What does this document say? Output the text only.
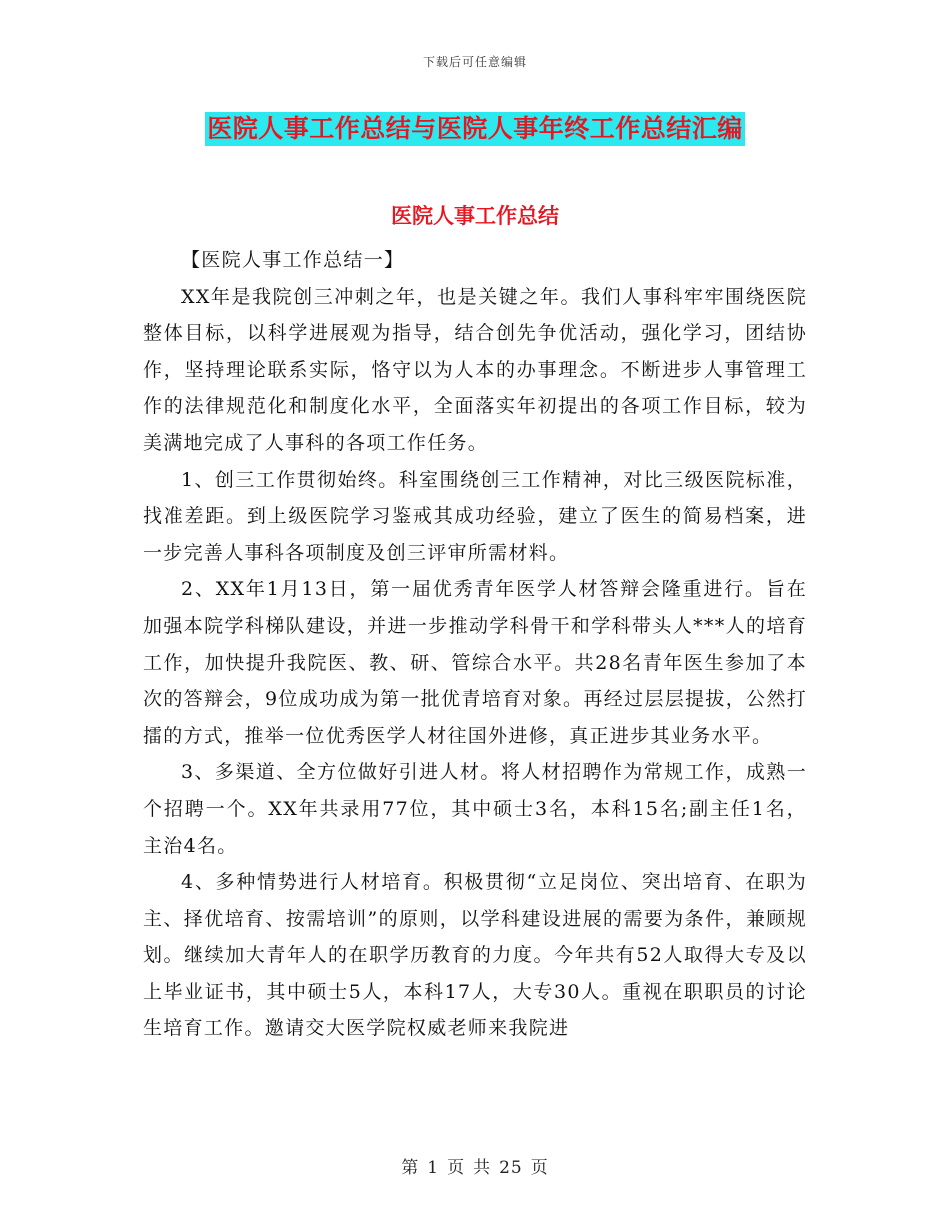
下载后可任意编辑
医院人事工作总结与医院人事年终工作总结汇编
医院人事工作总结

【医院人事工作总结一】

XX年是我院创三冲刺之年，也是关键之年。我们人事科牢牢围绕医院整体目标，以科学进展观为指导，结合创先争优活动，强化学习，团结协作，坚持理论联系实际，恪守以为人本的办事理念。不断进步人事管理工作的法律规范化和制度化水平，全面落实年初提出的各项工作目标，较为美满地完成了人事科的各项工作任务。

1、创三工作贯彻始终。科室围绕创三工作精神，对比三级医院标准，找准差距。到上级医院学习鉴戒其成功经验，建立了医生的简易档案，进一步完善人事科各项制度及创三评审所需材料。

2、XX年1月13日，第一届优秀青年医学人材答辩会隆重进行。旨在加强本院学科梯队建设，并进一步推动学科骨干和学科带头人***人的培育工作，加快提升我院医、教、研、管综合水平。共28名青年医生参加了本次的答辩会，9位成功成为第一批优青培育对象。再经过层层提拔，公然打擂的方式，推举一位优秀医学人材往国外进修，真正进步其业务水平。

3、多渠道、全方位做好引进人材。将人材招聘作为常规工作，成熟一个招聘一个。XX年共录用77位，其中硕士3名，本科15名;副主任1名，主治4名。

4、多种情势进行人材培育。积极贯彻“立足岗位、突出培育、在职为主、择优培育、按需培训”的原则，以学科建设进展的需要为条件，兼顾规划。继续加大青年人的在职学历教育的力度。今年共有52人取得大专及以上毕业证书，其中硕士5人，本科17人，大专30人。重视在职职员的讨论生培育工作。邀请交大医学院权威老师来我院进

第 1 页 共 25 页
